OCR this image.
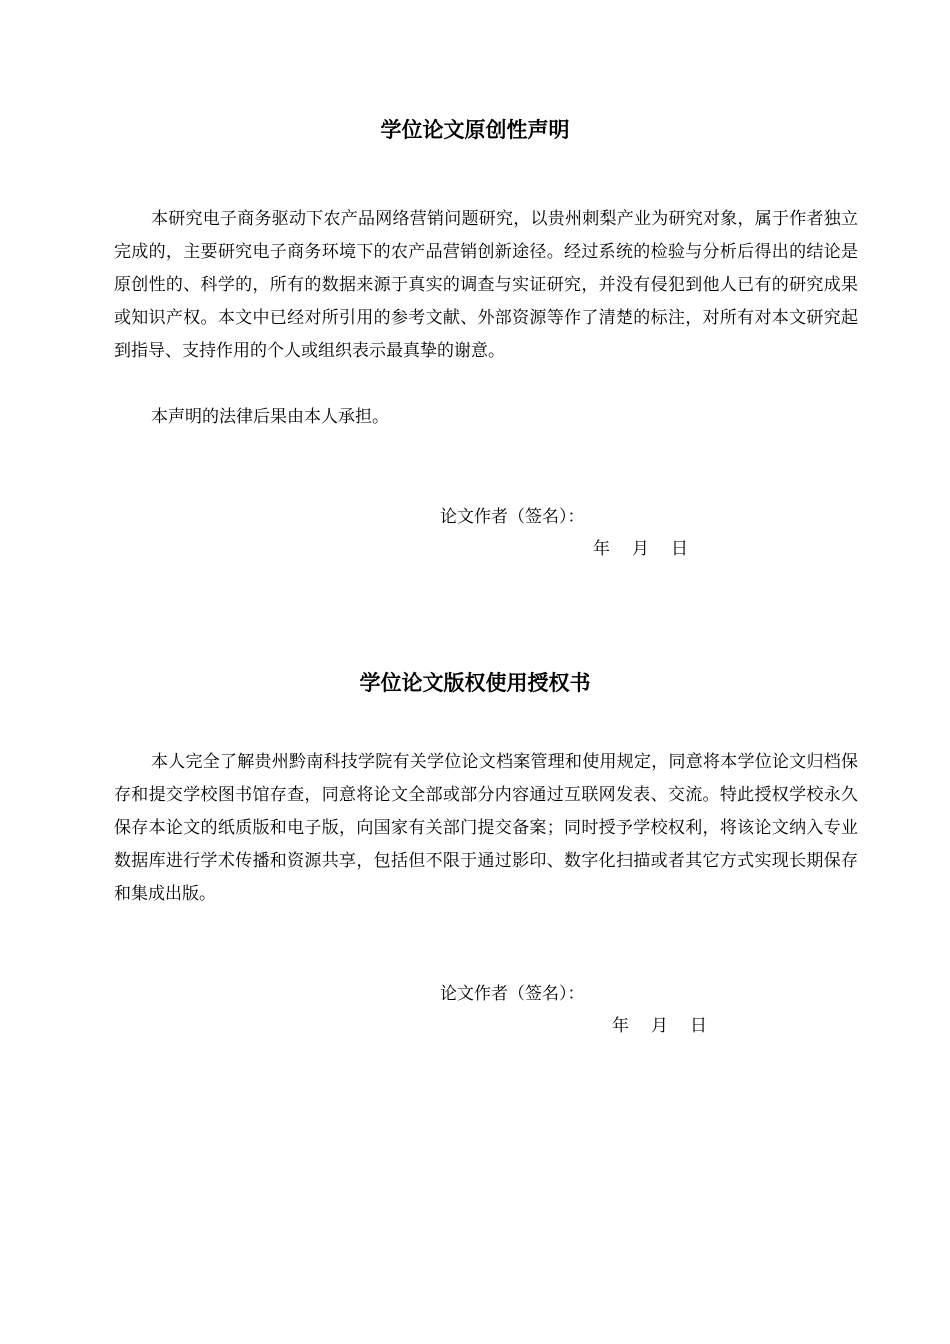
学位论文原创性声明

本研究电子商务驱动下农产品网络营销问题研究，以贵州刺梨产业为研究对象，属于作者独立完成的，主要研究电子商务环境下的农产品营销创新途径。经过系统的检验与分析后得出的结论是原创性的、科学的，所有的数据来源于真实的调查与实证研究，并没有侵犯到他人已有的研究成果或知识产权。本文中已经对所引用的参考文献、外部资源等作了清楚的标注，对所有对本文研究起到指导、支持作用的个人或组织表示最真挚的谢意。

本声明的法律后果由本人承担。

论文作者（签名）：

年 月 日

学位论文版权使用授权书

本人完全了解贵州黔南科技学院有关学位论文档案管理和使用规定，同意将本学位论文归档保存和提交学校图书馆存查，同意将论文全部或部分内容通过互联网发表、交流。特此授权学校永久保存本论文的纸质版和电子版，向国家有关部门提交备案；同时授予学校权利，将该论文纳入专业数据库进行学术传播和资源共享，包括但不限于通过影印、数字化扫描或者其它方式实现长期保存和集成出版。

论文作者（签名）：

年 月 日
